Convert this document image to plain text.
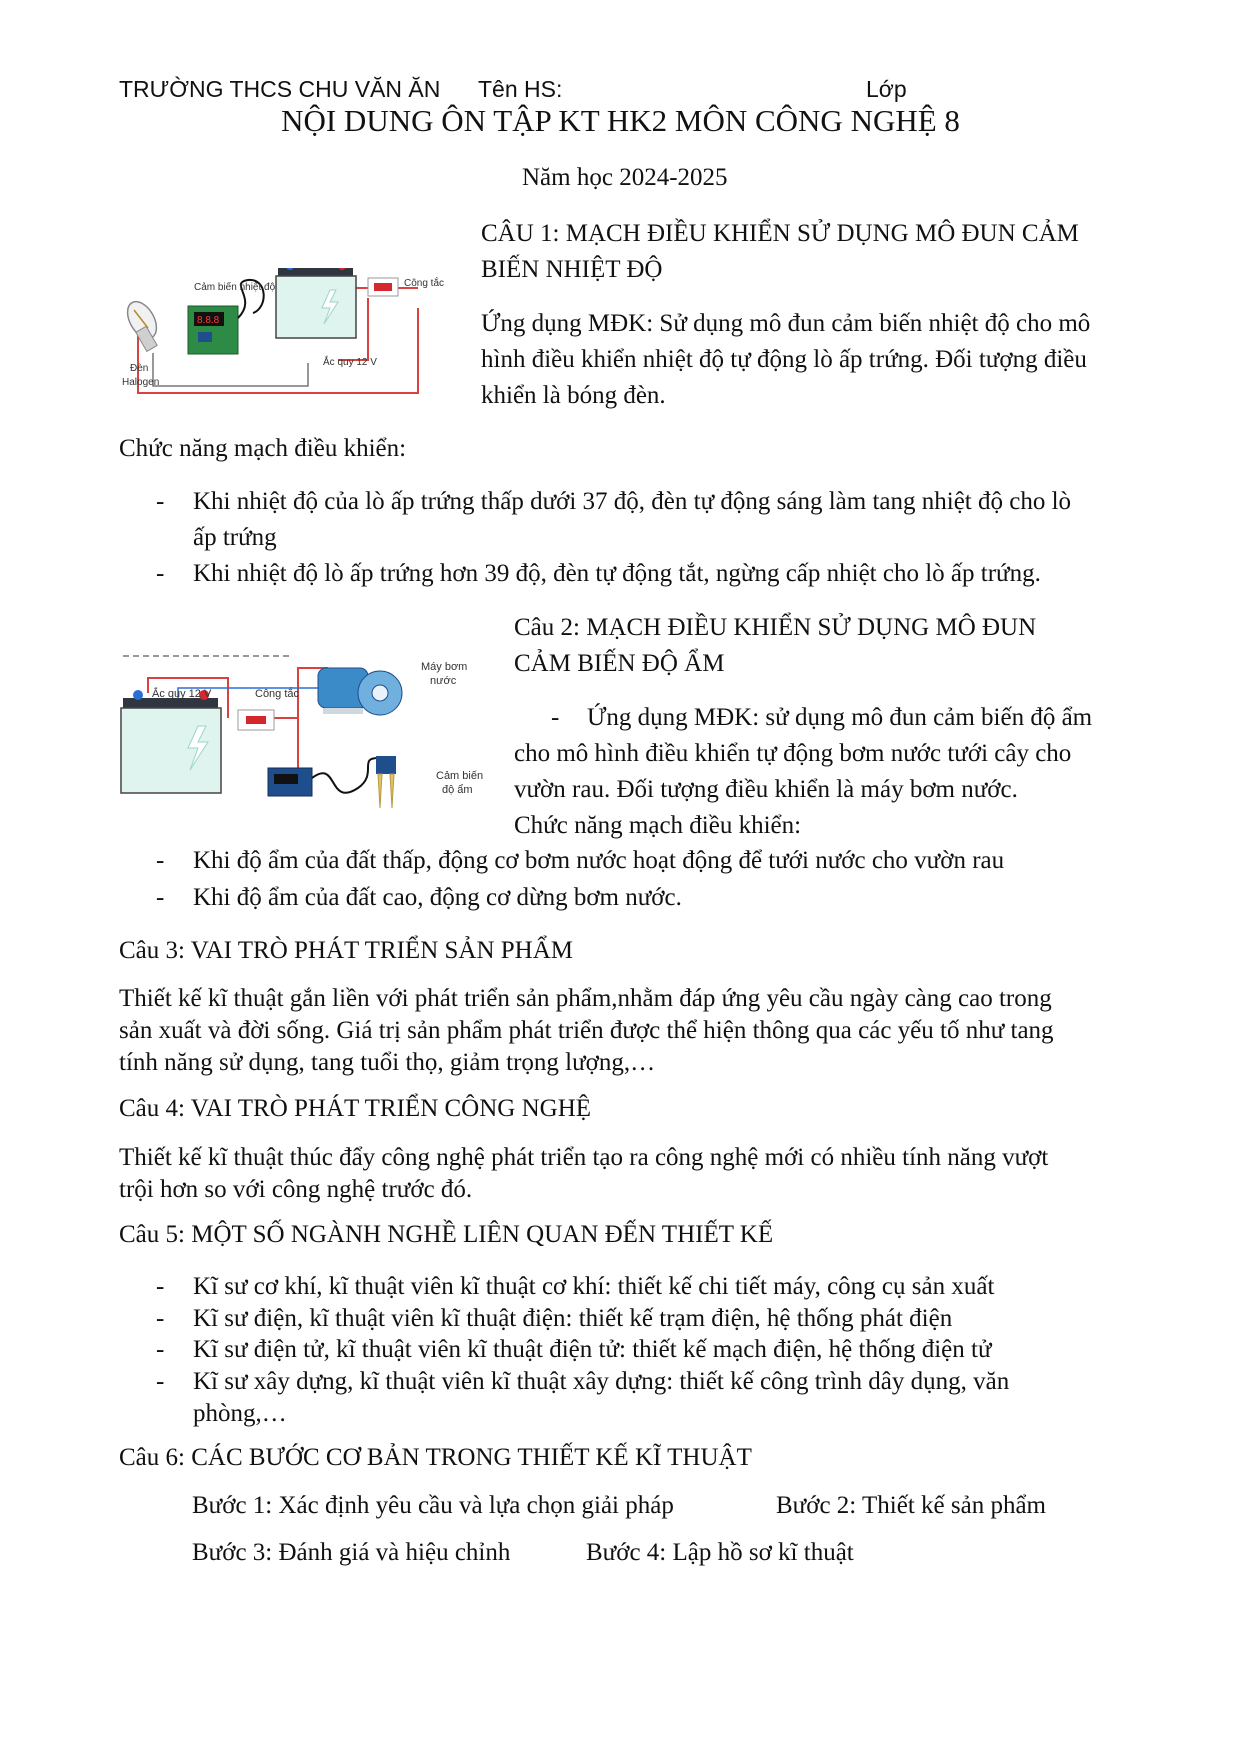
TRƯỜNG THCS CHU VĂN ĂN Tên HS:	Lớp
NỘI DUNG ÔN TẬP KT HK2 MÔN CÔNG NGHỆ 8
Năm học 2024-2025
8.8.8
Cảm biến nhiệt độ	Công tắc
Đèn
Halogen
Ắc quy 12 V
CÂU 1: MẠCH ĐIỀU KHIỂN SỬ DỤNG MÔ ĐUN CẢM
BIẾN NHIỆT ĐỘ
Ứng dụng MĐK: Sử dụng mô đun cảm biến nhiệt độ cho mô
hình điều khiển nhiệt độ tự động lò ấp trứng. Đối tượng điều
khiển là bóng đèn.
Chức năng mạch điều khiển:
- Khi nhiệt độ của lò ấp trứng thấp dưới 37 độ, đèn tự động sáng làm tang nhiệt độ cho lò
ấp trứng
- Khi nhiệt độ lò ấp trứng hơn 39 độ, đèn tự động tắt, ngừng cấp nhiệt cho lò ấp trứng.
Ắc quy 12 V	Công tắc
Máy bơm
nước
Cảm biến
độ ẩm
Câu 2: MẠCH ĐIỀU KHIỂN SỬ DỤNG MÔ ĐUN
CẢM BIẾN ĐỘ ẨM
- Ứng dụng MĐK: sử dụng mô đun cảm biến độ ẩm
cho mô hình điều khiển tự động bơm nước tưới cây cho
vườn rau. Đối tượng điều khiển là máy bơm nước.
Chức năng mạch điều khiển:
- Khi độ ẩm của đất thấp, động cơ bơm nước hoạt động để tưới nước cho vườn rau
- Khi độ ẩm của đất cao, động cơ dừng bơm nước.
Câu 3: VAI TRÒ PHÁT TRIỂN SẢN PHẨM
Thiết kế kĩ thuật gắn liền với phát triển sản phẩm,nhằm đáp ứng yêu cầu ngày càng cao trong
sản xuất và đời sống. Giá trị sản phẩm phát triển được thể hiện thông qua các yếu tố như tang
tính năng sử dụng, tang tuổi thọ, giảm trọng lượng,…
Câu 4: VAI TRÒ PHÁT TRIỂN CÔNG NGHỆ
Thiết kế kĩ thuật thúc đẩy công nghệ phát triển tạo ra công nghệ mới có nhiều tính năng vượt
trội hơn so với công nghệ trước đó.
Câu 5: MỘT SỐ NGÀNH NGHỀ LIÊN QUAN ĐẾN THIẾT KẾ
- Kĩ sư cơ khí, kĩ thuật viên kĩ thuật cơ khí: thiết kế chi tiết máy, công cụ sản xuất
- Kĩ sư điện, kĩ thuật viên kĩ thuật điện: thiết kế trạm điện, hệ thống phát điện
- Kĩ sư điện tử, kĩ thuật viên kĩ thuật điện tử: thiết kế mạch điện, hệ thống điện tử
- Kĩ sư xây dựng, kĩ thuật viên kĩ thuật xây dựng: thiết kế công trình dây dụng, văn
phòng,…
Câu 6: CÁC BƯỚC CƠ BẢN TRONG THIẾT KẾ KĨ THUẬT
Bước 1: Xác định yêu cầu và lựa chọn giải pháp	Bước 2: Thiết kế sản phẩm
Bước 3: Đánh giá và hiệu chỉnh	Bước 4: Lập hồ sơ kĩ thuật
